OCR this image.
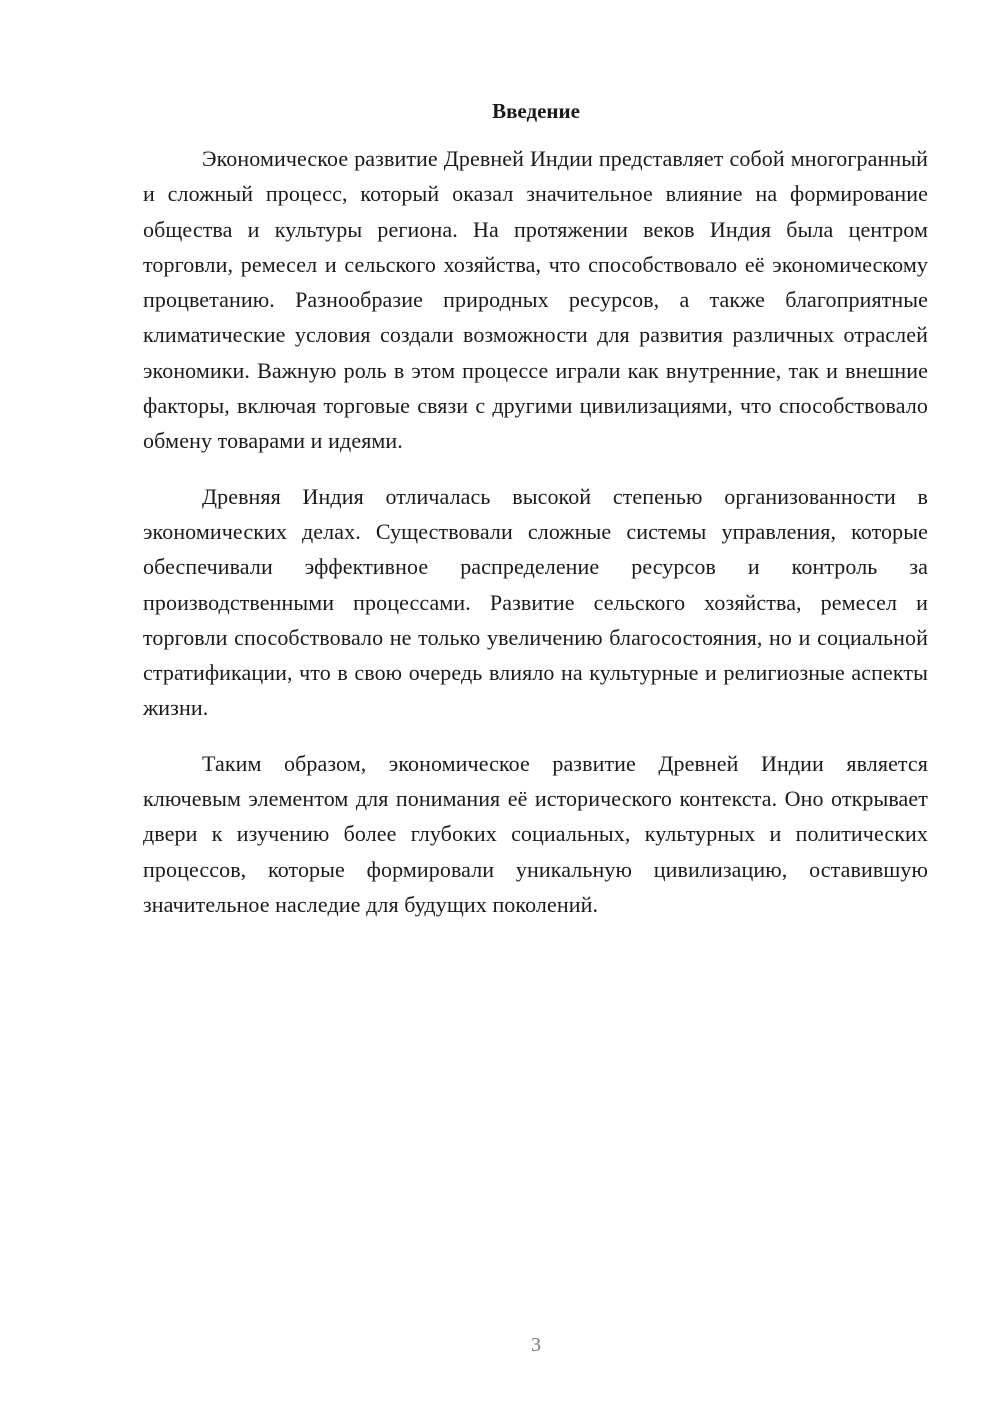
Введение

Экономическое развитие Древней Индии представляет собой многогранный и сложный процесс, который оказал значительное влияние на формирование общества и культуры региона. На протяжении веков Индия была центром торговли, ремесел и сельского хозяйства, что способствовало её экономическому процветанию. Разнообразие природных ресурсов, а также благоприятные климатические условия создали возможности для развития различных отраслей экономики. Важную роль в этом процессе играли как внутренние, так и внешние факторы, включая торговые связи с другими цивилизациями, что способствовало обмену товарами и идеями.

Древняя Индия отличалась высокой степенью организованности в экономических делах. Существовали сложные системы управления, которые обеспечивали эффективное распределение ресурсов и контроль за производственными процессами. Развитие сельского хозяйства, ремесел и торговли способствовало не только увеличению благосостояния, но и социальной стратификации, что в свою очередь влияло на культурные и религиозные аспекты жизни.

Таким образом, экономическое развитие Древней Индии является ключевым элементом для понимания её исторического контекста. Оно открывает двери к изучению более глубоких социальных, культурных и политических процессов, которые формировали уникальную цивилизацию, оставившую значительное наследие для будущих поколений.

3
